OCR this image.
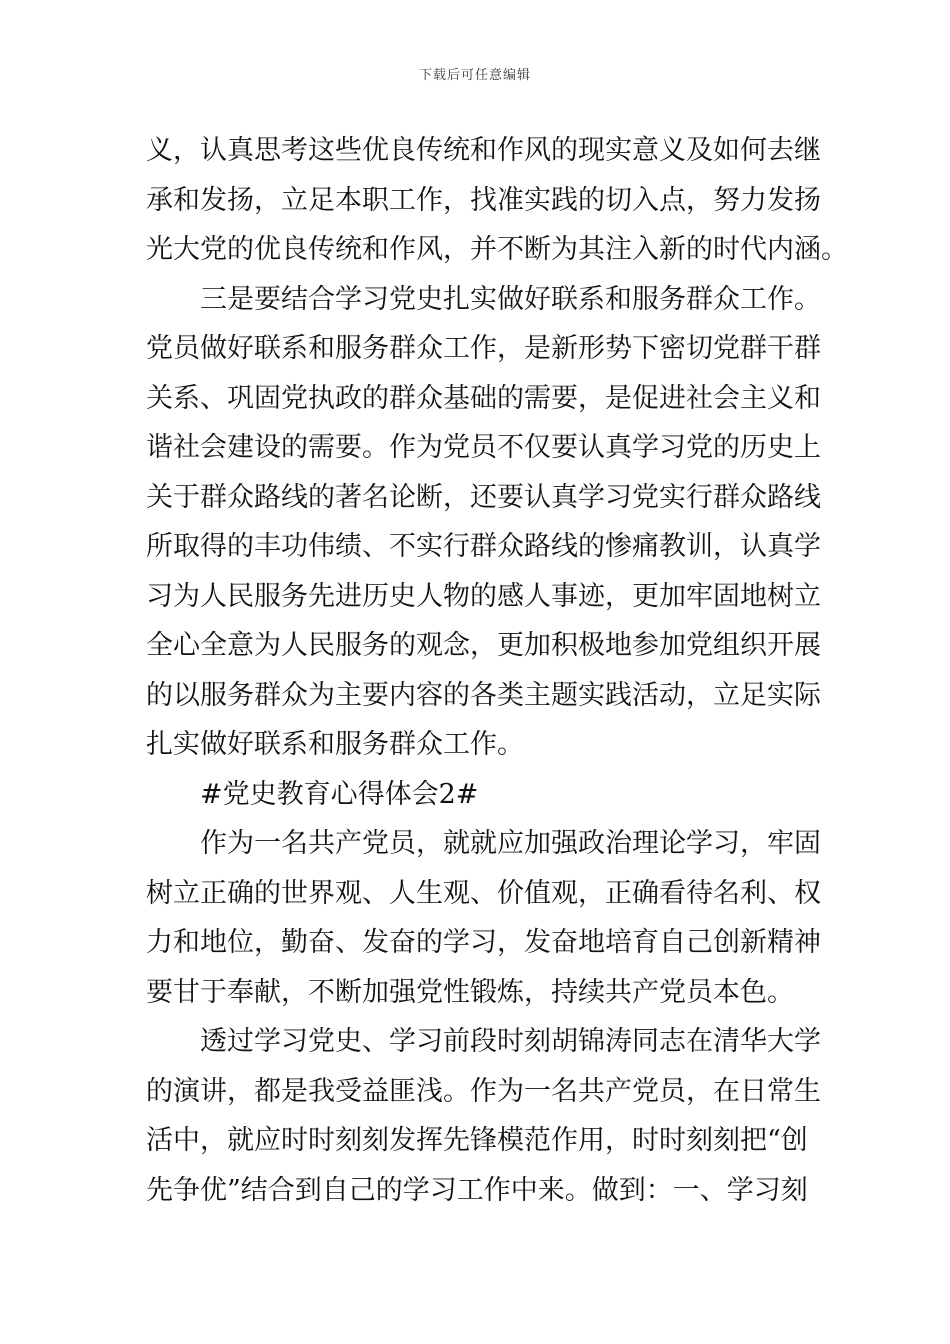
下载后可任意编辑
义，认真思考这些优良传统和作风的现实意义及如何去继
承和发扬，立足本职工作，找准实践的切入点，努力发扬
光大党的优良传统和作风，并不断为其注入新的时代内涵。
三是要结合学习党史扎实做好联系和服务群众工作。
党员做好联系和服务群众工作，是新形势下密切党群干群
关系、巩固党执政的群众基础的需要，是促进社会主义和
谐社会建设的需要。作为党员不仅要认真学习党的历史上
关于群众路线的著名论断，还要认真学习党实行群众路线
所取得的丰功伟绩、不实行群众路线的惨痛教训，认真学
习为人民服务先进历史人物的感人事迹，更加牢固地树立
全心全意为人民服务的观念，更加积极地参加党组织开展
的以服务群众为主要内容的各类主题实践活动，立足实际
扎实做好联系和服务群众工作。
#党史教育心得体会2#
作为一名共产党员，就就应加强政治理论学习，牢固
树立正确的世界观、人生观、价值观，正确看待名利、权
力和地位，勤奋、发奋的学习，发奋地培育自己创新精神
要甘于奉献，不断加强党性锻炼，持续共产党员本色。
透过学习党史、学习前段时刻胡锦涛同志在清华大学
的演讲，都是我受益匪浅。作为一名共产党员，在日常生
活中，就应时时刻刻发挥先锋模范作用，时时刻刻把“创
先争优”结合到自己的学习工作中来。做到：一、学习刻
